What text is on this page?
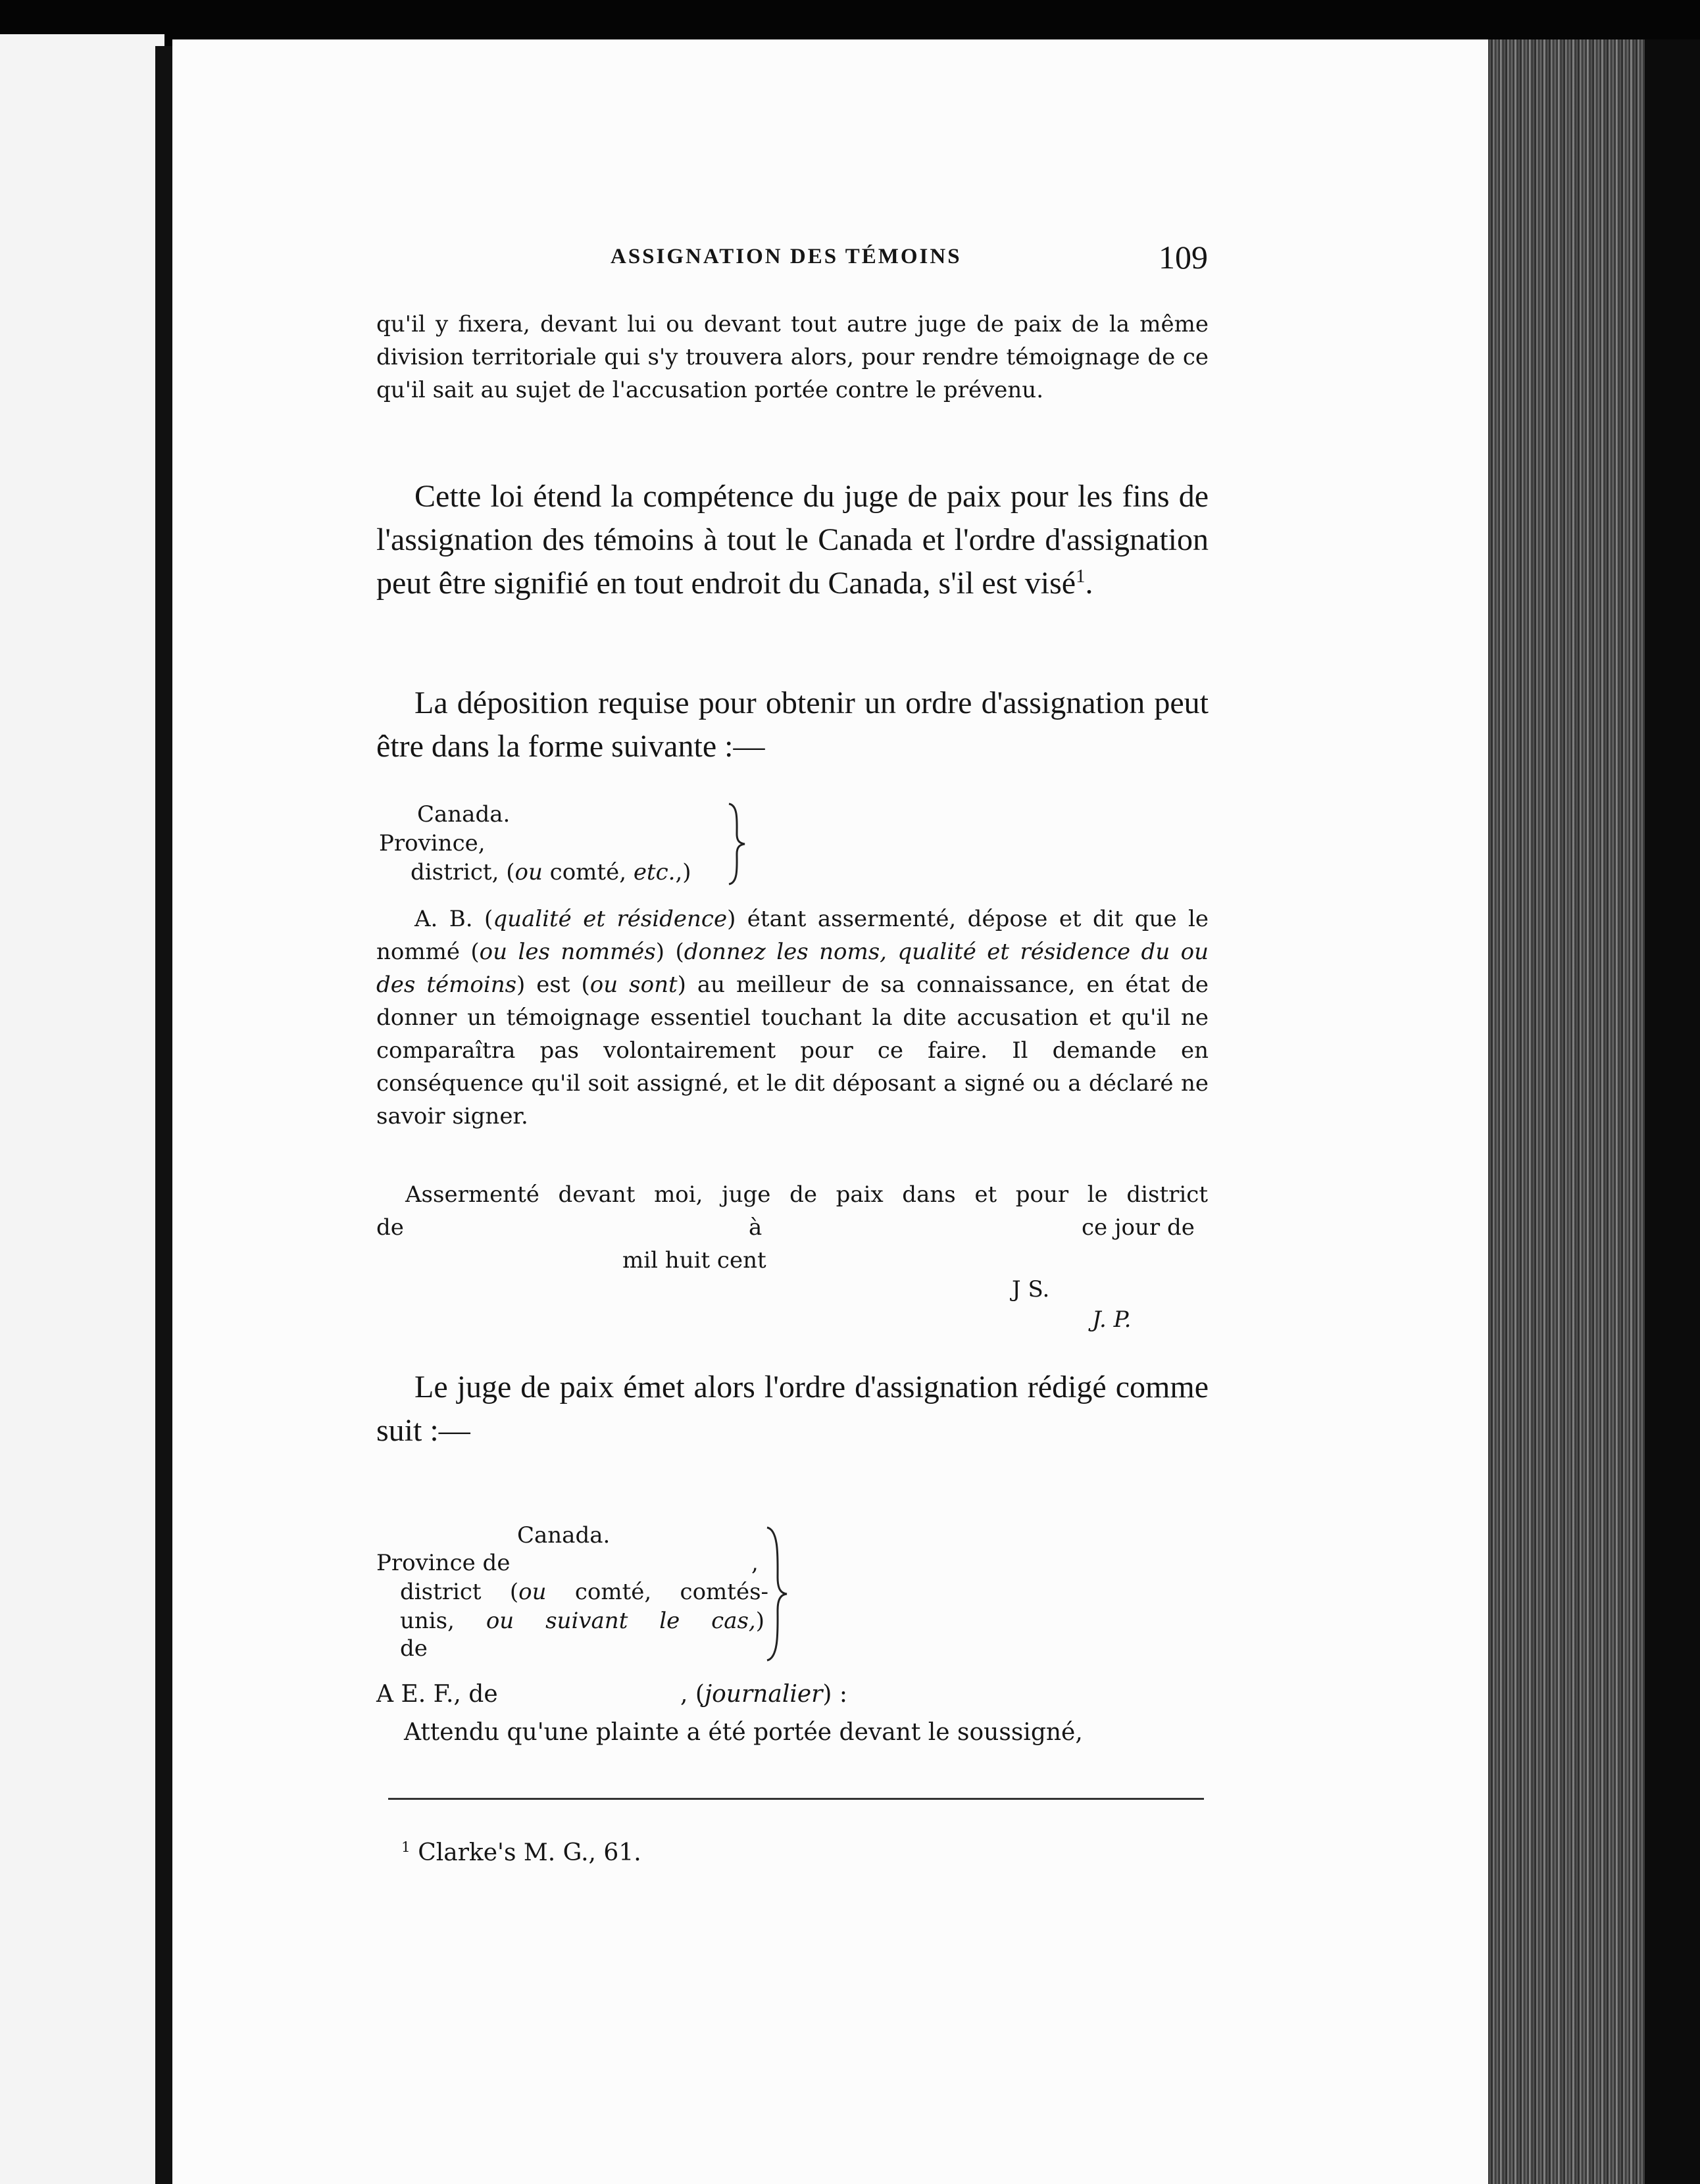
ASSIGNATION DES TÉMOINS	109

qu'il y fixera, devant lui ou devant tout autre juge de paix de la même division territoriale qui s'y trouvera alors, pour rendre témoignage de ce qu'il sait au sujet de l'accusation portée contre le prévenu.

Cette loi étend la compétence du juge de paix pour les fins de l'assignation des témoins à tout le Canada et l'ordre d'assignation peut être signifié en tout endroit du Canada, s'il est visé$^1$.

La déposition requise pour obtenir un ordre d'assignation peut être dans la forme suivante :—

Canada.
Province,
district, (ou comté, etc.,)

A. B. (qualité et résidence) étant assermenté, dépose et dit que le nommé (ou les nommés) (donnez les noms, qualité et résidence du ou des témoins) est (ou sont) au meilleur de sa connaissance, en état de donner un témoignage essentiel touchant la dite accusation et qu'il ne comparaîtra pas volontairement pour ce faire. Il demande en conséquence qu'il soit assigné, et le dit déposant a signé ou a déclaré ne savoir signer.

Assermenté devant moi, juge de paix dans et pour le district
de	à	ce jour de
mil huit cent
J S.
J. P.

Le juge de paix émet alors l'ordre d'assignation rédigé comme suit :—

Canada.
Province de	,
district (ou comté, comtés-
unis, ou suivant le cas,)
de
A E. F., de	, (journalier) :
Attendu qu'une plainte a été portée devant le soussigné,
$^1$ Clarke's M. G., 61.
